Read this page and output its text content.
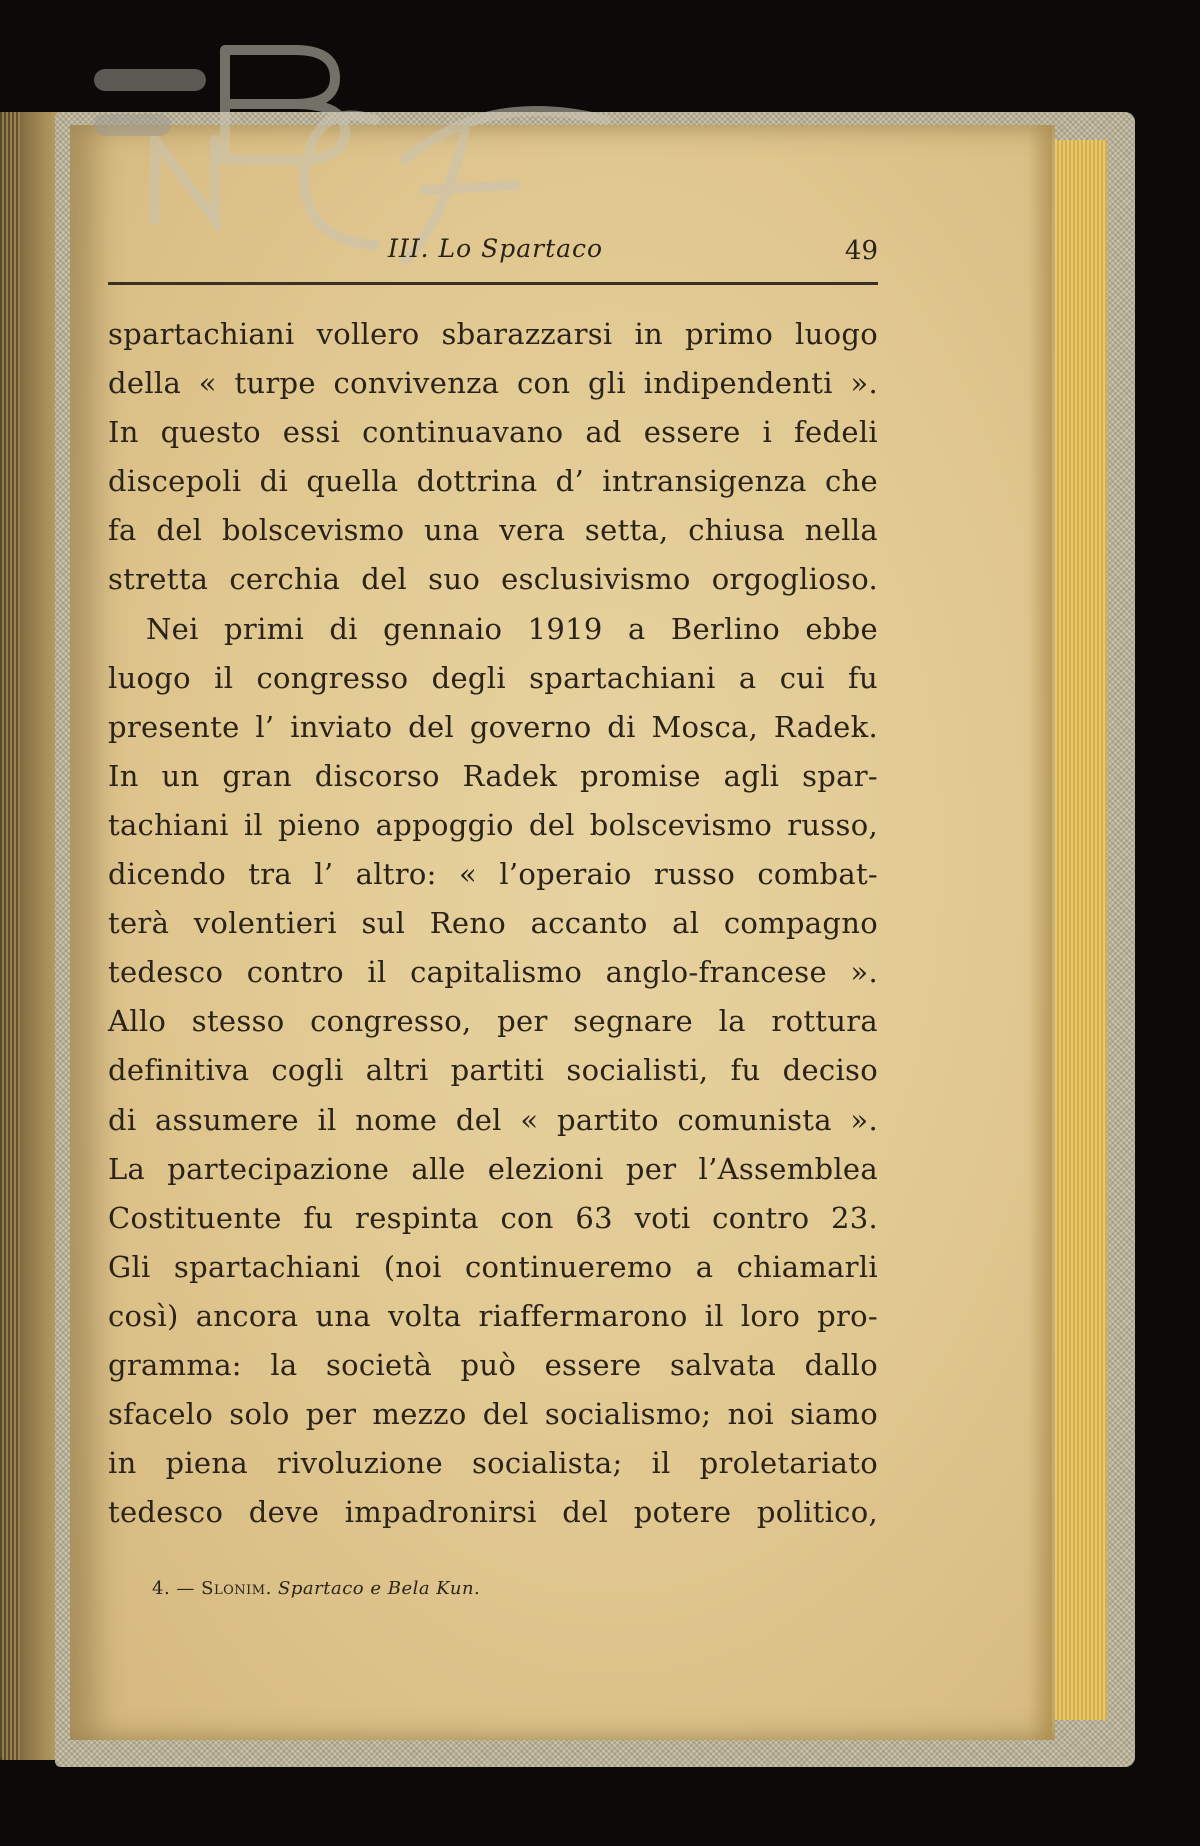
BNCF
III. Lo Spartaco	49
spartachiani vollero sbarazzarsi in primo luogo
della « turpe convivenza con gli indipendenti ».
In questo essi continuavano ad essere i fedeli
discepoli di quella dottrina d’ intransigenza che
fa del bolscevismo una vera setta, chiusa nella
stretta cerchia del suo esclusivismo orgoglioso.
Nei primi di gennaio 1919 a Berlino ebbe
luogo il congresso degli spartachiani a cui fu
presente l’ inviato del governo di Mosca, Radek.
In un gran discorso Radek promise agli spar-
tachiani il pieno appoggio del bolscevismo russo,
dicendo tra l’ altro: « l’operaio russo combat-
terà volentieri sul Reno accanto al compagno
tedesco contro il capitalismo anglo-francese ».
Allo stesso congresso, per segnare la rottura
definitiva cogli altri partiti socialisti, fu deciso
di assumere il nome del « partito comunista ».
La partecipazione alle elezioni per l’Assemblea
Costituente fu respinta con 63 voti contro 23.
Gli spartachiani (noi continueremo a chiamarli
così) ancora una volta riaffermarono il loro pro-
gramma: la società può essere salvata dallo
sfacelo solo per mezzo del socialismo; noi siamo
in piena rivoluzione socialista; il proletariato
tedesco deve impadronirsi del potere politico,
4. — Slonim. Spartaco e Bela Kun.
